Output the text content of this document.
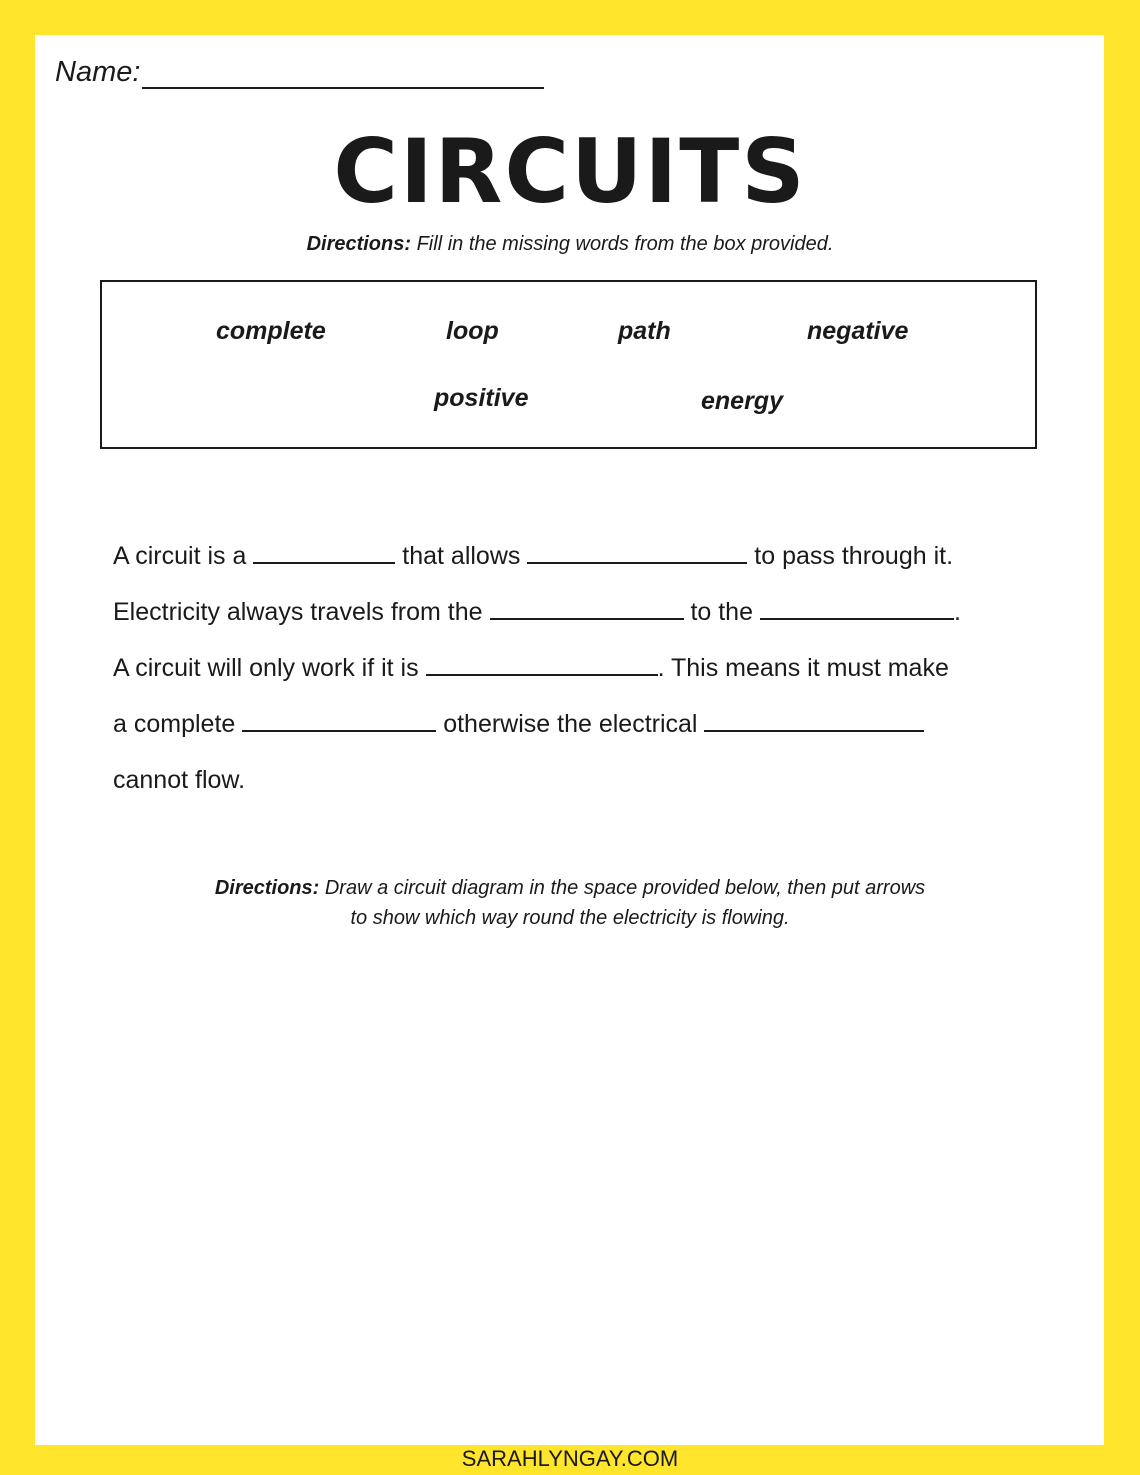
Name:
CIRCUITS
Directions: Fill in the missing words from the box provided.
complete	loop	path	negative
positive	energy
A circuit is a	that allows	to pass through it.
Electricity always travels from the	to the	.
A circuit will only work if it is	. This means it must make
a complete	otherwise the electrical
cannot flow.
Directions: Draw a circuit diagram in the space provided below, then put arrows
to show which way round the electricity is flowing.
SARAHLYNGAY.COM
